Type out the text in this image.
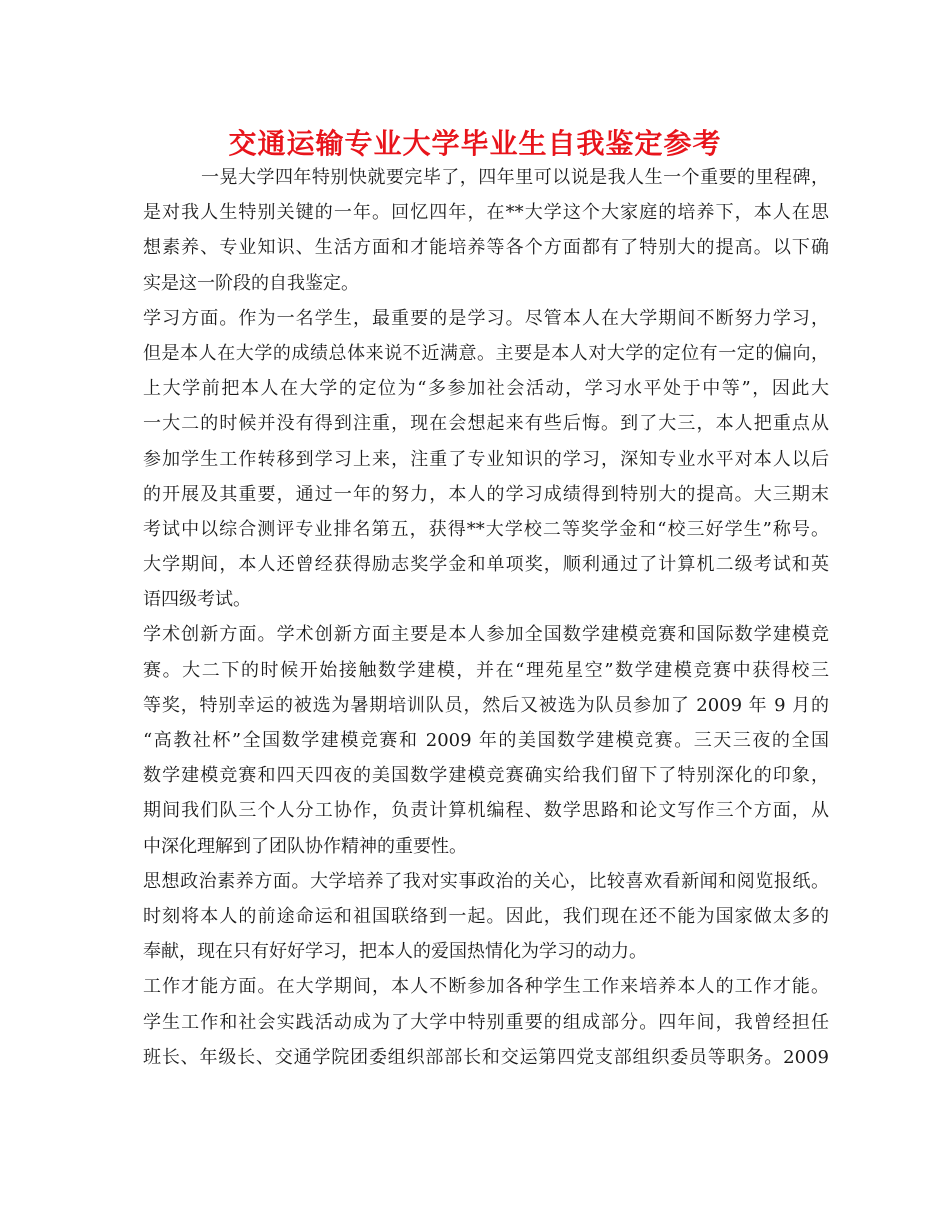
交通运输专业大学毕业生自我鉴定参考
一晃大学四年特别快就要完毕了，四年里可以说是我人生一个重要的里程碑，
是对我人生特别关键的一年。回忆四年，在**大学这个大家庭的培养下，本人在思
想素养、专业知识、生活方面和才能培养等各个方面都有了特别大的提高。以下确
实是这一阶段的自我鉴定。
学习方面。作为一名学生，最重要的是学习。尽管本人在大学期间不断努力学习，
但是本人在大学的成绩总体来说不近满意。主要是本人对大学的定位有一定的偏向，
上大学前把本人在大学的定位为“多参加社会活动，学习水平处于中等”，因此大
一大二的时候并没有得到注重，现在会想起来有些后悔。到了大三，本人把重点从
参加学生工作转移到学习上来，注重了专业知识的学习，深知专业水平对本人以后
的开展及其重要，通过一年的努力，本人的学习成绩得到特别大的提高。大三期末
考试中以综合测评专业排名第五，获得**大学校二等奖学金和“校三好学生”称号。
大学期间，本人还曾经获得励志奖学金和单项奖，顺利通过了计算机二级考试和英
语四级考试。
学术创新方面。学术创新方面主要是本人参加全国数学建模竞赛和国际数学建模竞
赛。大二下的时候开始接触数学建模，并在“理苑星空”数学建模竞赛中获得校三
等奖，特别幸运的被选为暑期培训队员，然后又被选为队员参加了 2009 年 9 月的
“高教社杯”全国数学建模竞赛和 2009 年的美国数学建模竞赛。三天三夜的全国
数学建模竞赛和四天四夜的美国数学建模竞赛确实给我们留下了特别深化的印象，
期间我们队三个人分工协作，负责计算机编程、数学思路和论文写作三个方面，从
中深化理解到了团队协作精神的重要性。
思想政治素养方面。大学培养了我对实事政治的关心，比较喜欢看新闻和阅览报纸。
时刻将本人的前途命运和祖国联络到一起。因此，我们现在还不能为国家做太多的
奉献，现在只有好好学习，把本人的爱国热情化为学习的动力。
工作才能方面。在大学期间，本人不断参加各种学生工作来培养本人的工作才能。
学生工作和社会实践活动成为了大学中特别重要的组成部分。四年间，我曾经担任
班长、年级长、交通学院团委组织部部长和交运第四党支部组织委员等职务。2009
